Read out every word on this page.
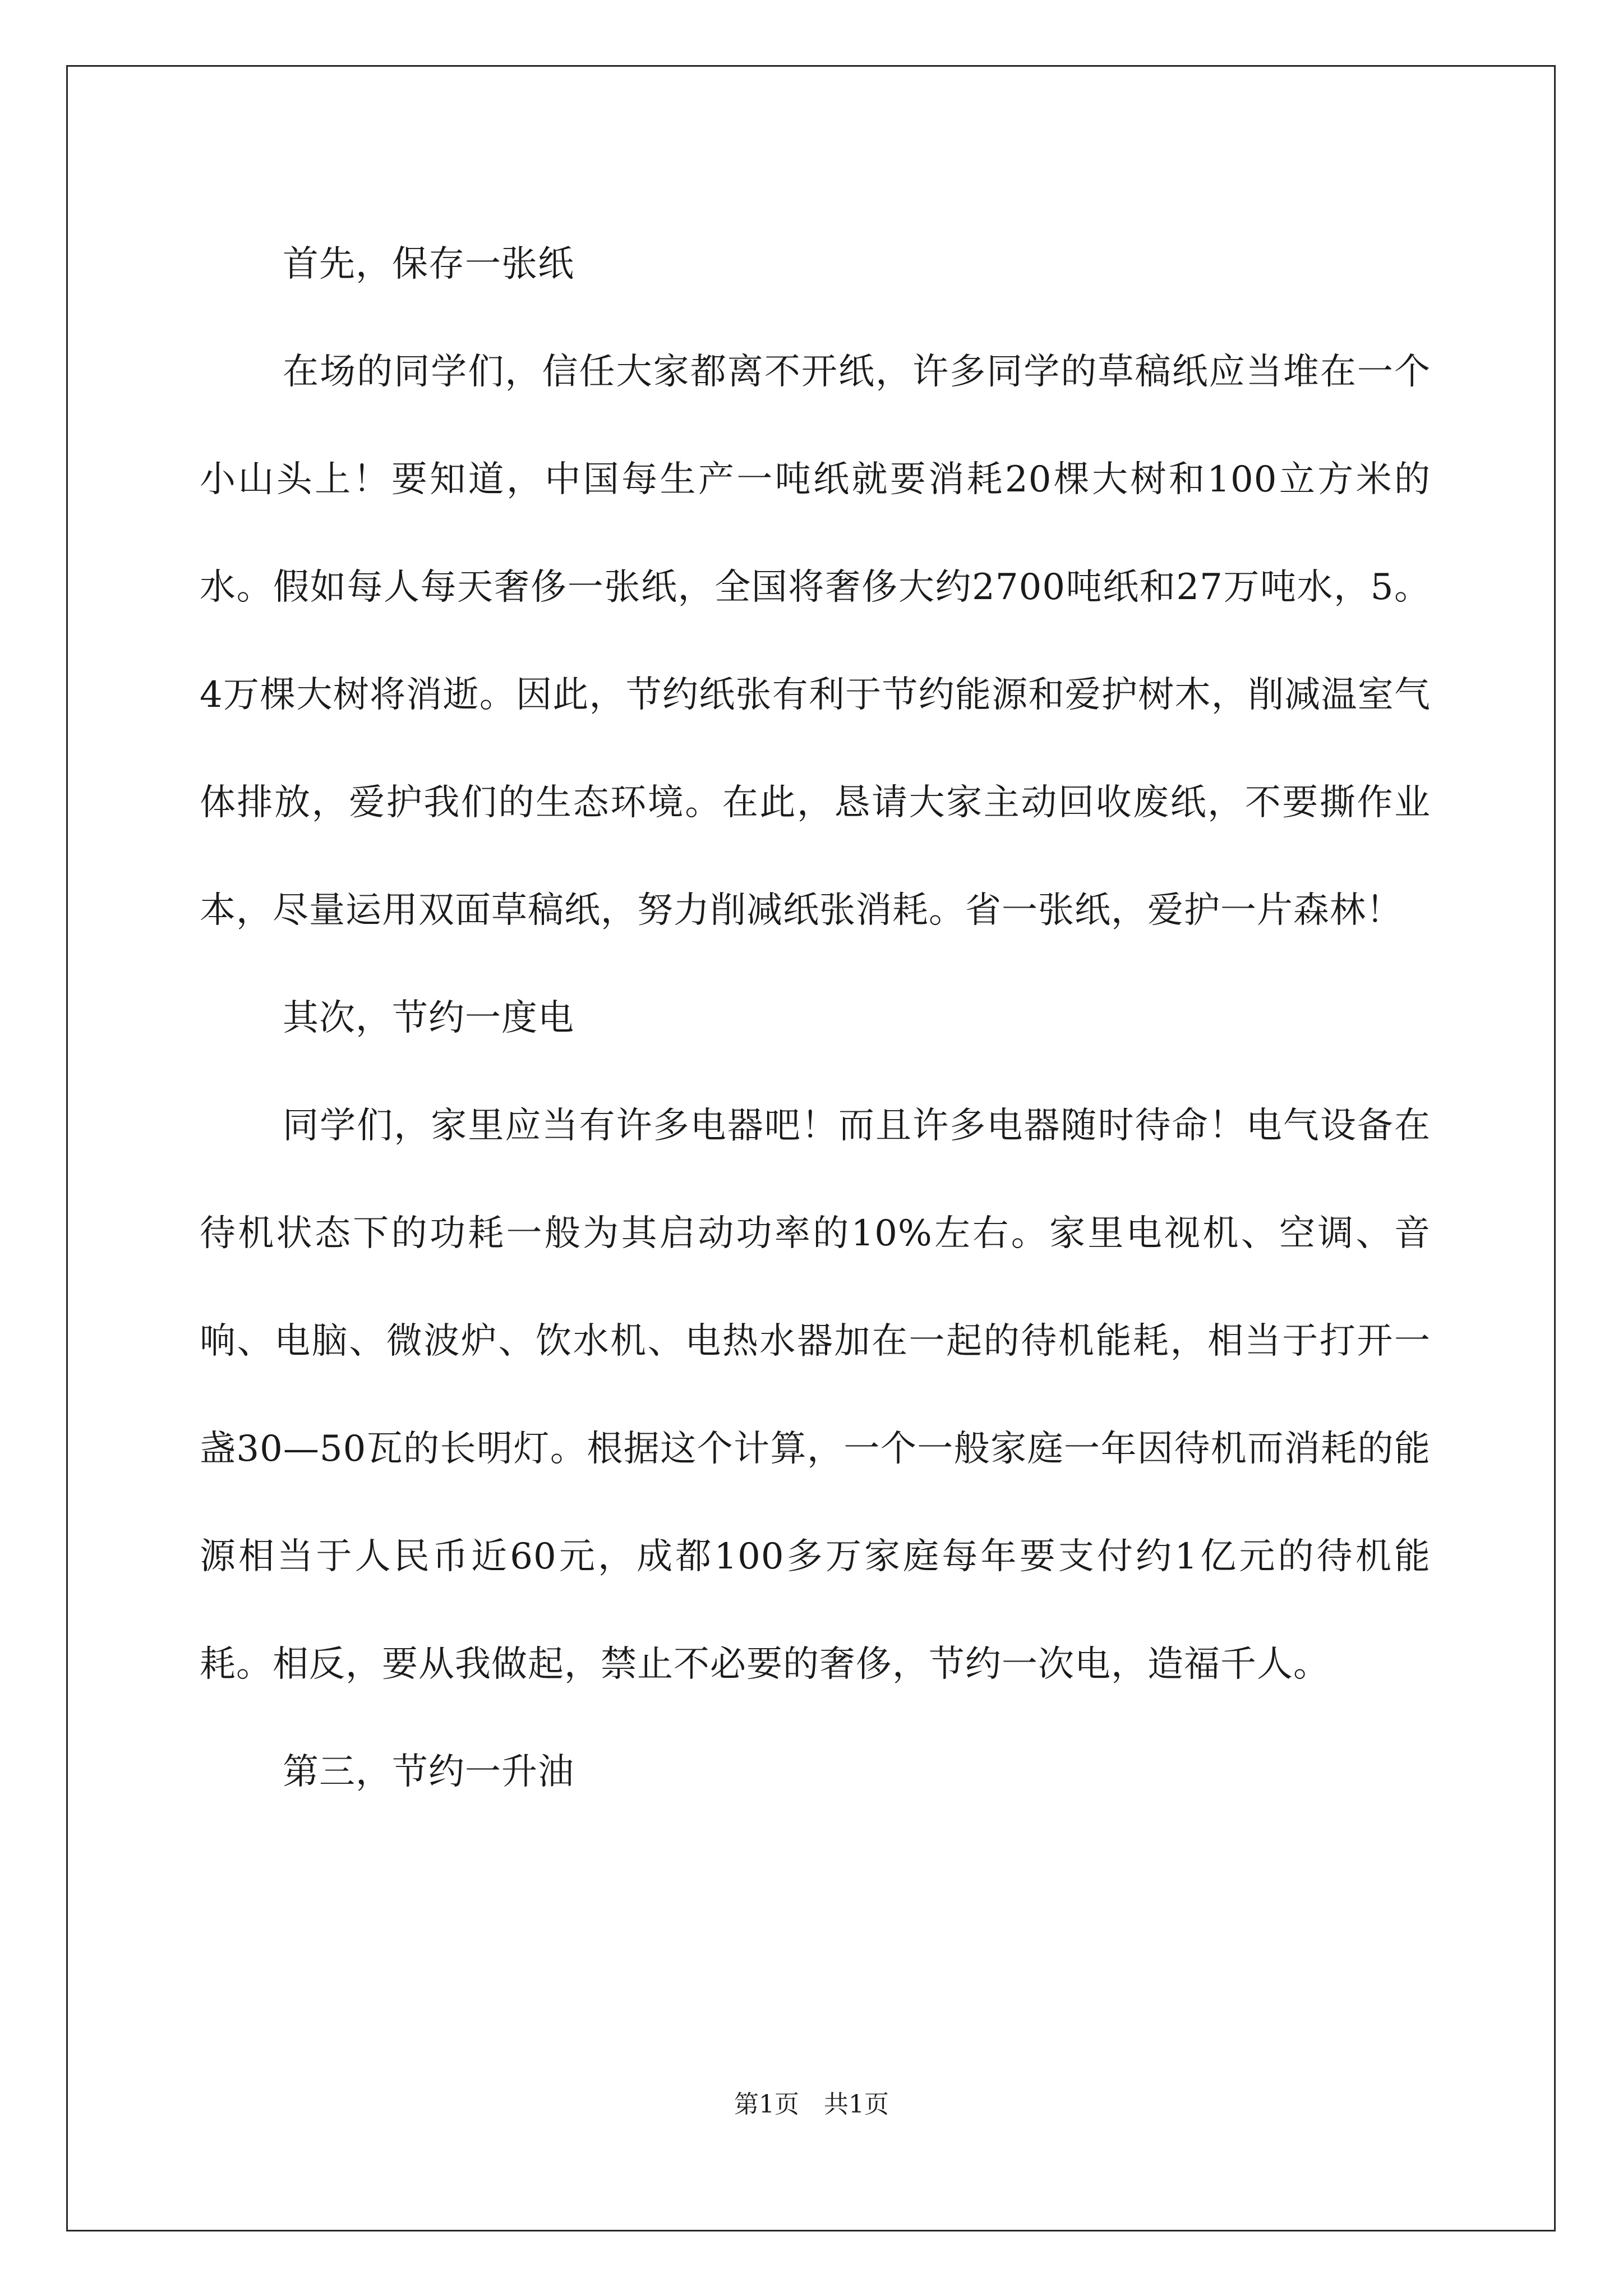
首先，保存一张纸

在场的同学们，信任大家都离不开纸，许多同学的草稿纸应当堆在一个小山头上！要知道，中国每生产一吨纸就要消耗20棵大树和100立方米的水。假如每人每天奢侈一张纸，全国将奢侈大约2700吨纸和27万吨水，5。4万棵大树将消逝。因此，节约纸张有利于节约能源和爱护树木，削减温室气体排放，爱护我们的生态环境。在此，恳请大家主动回收废纸，不要撕作业本，尽量运用双面草稿纸，努力削减纸张消耗。省一张纸，爱护一片森林！

其次，节约一度电

同学们，家里应当有许多电器吧！而且许多电器随时待命！电气设备在待机状态下的功耗一般为其启动功率的10%左右。家里电视机、空调、音响、电脑、微波炉、饮水机、电热水器加在一起的待机能耗，相当于打开一盏30—50瓦的长明灯。根据这个计算，一个一般家庭一年因待机而消耗的能源相当于人民币近60元，成都100多万家庭每年要支付约1亿元的待机能耗。相反，要从我做起，禁止不必要的奢侈，节约一次电，造福千人。

第三，节约一升油

第1页　共1页
